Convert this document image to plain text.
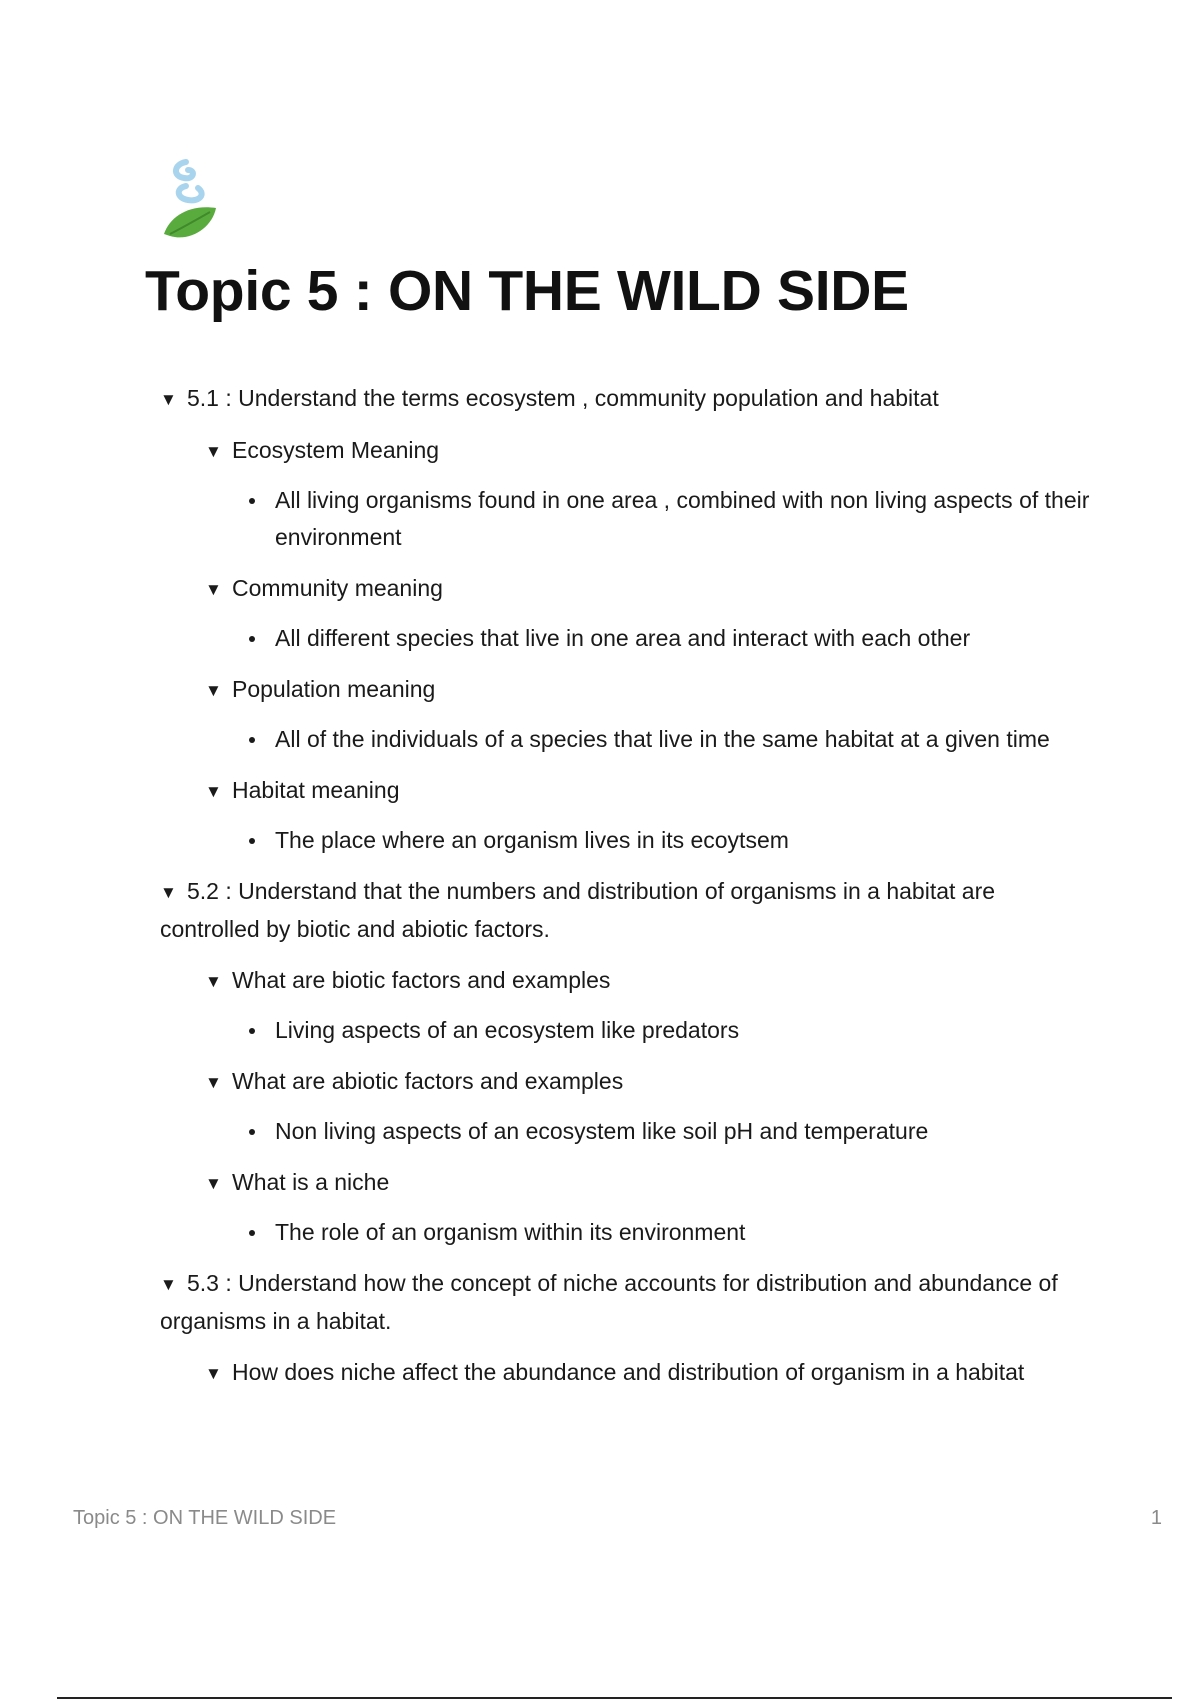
Topic 5 : ON THE WILD SIDE
▼ 5.1 : Understand the terms ecosystem , community population and habitat
▼ Ecosystem Meaning
All living organisms found in one area , combined with non living aspects of their environment
▼ Community meaning
All different species that live in one area and interact with each other
▼ Population meaning
All of the individuals of a species that live in the same habitat at a given time
▼ Habitat meaning
The place where an organism lives in its ecoytsem
▼ 5.2 : Understand that the numbers and distribution of organisms in a habitat are controlled by biotic and abiotic factors.
▼ What are biotic factors and examples
Living aspects of an ecosystem like predators
▼ What are abiotic factors and examples
Non living aspects of an ecosystem like soil pH and temperature
▼ What is a niche
The role of an organism within its environment
▼ 5.3 : Understand how the concept of niche accounts for distribution and abundance of organisms in a habitat.
▼ How does niche affect the abundance and distribution of organism in a habitat
Topic 5 : ON THE WILD SIDE	1
